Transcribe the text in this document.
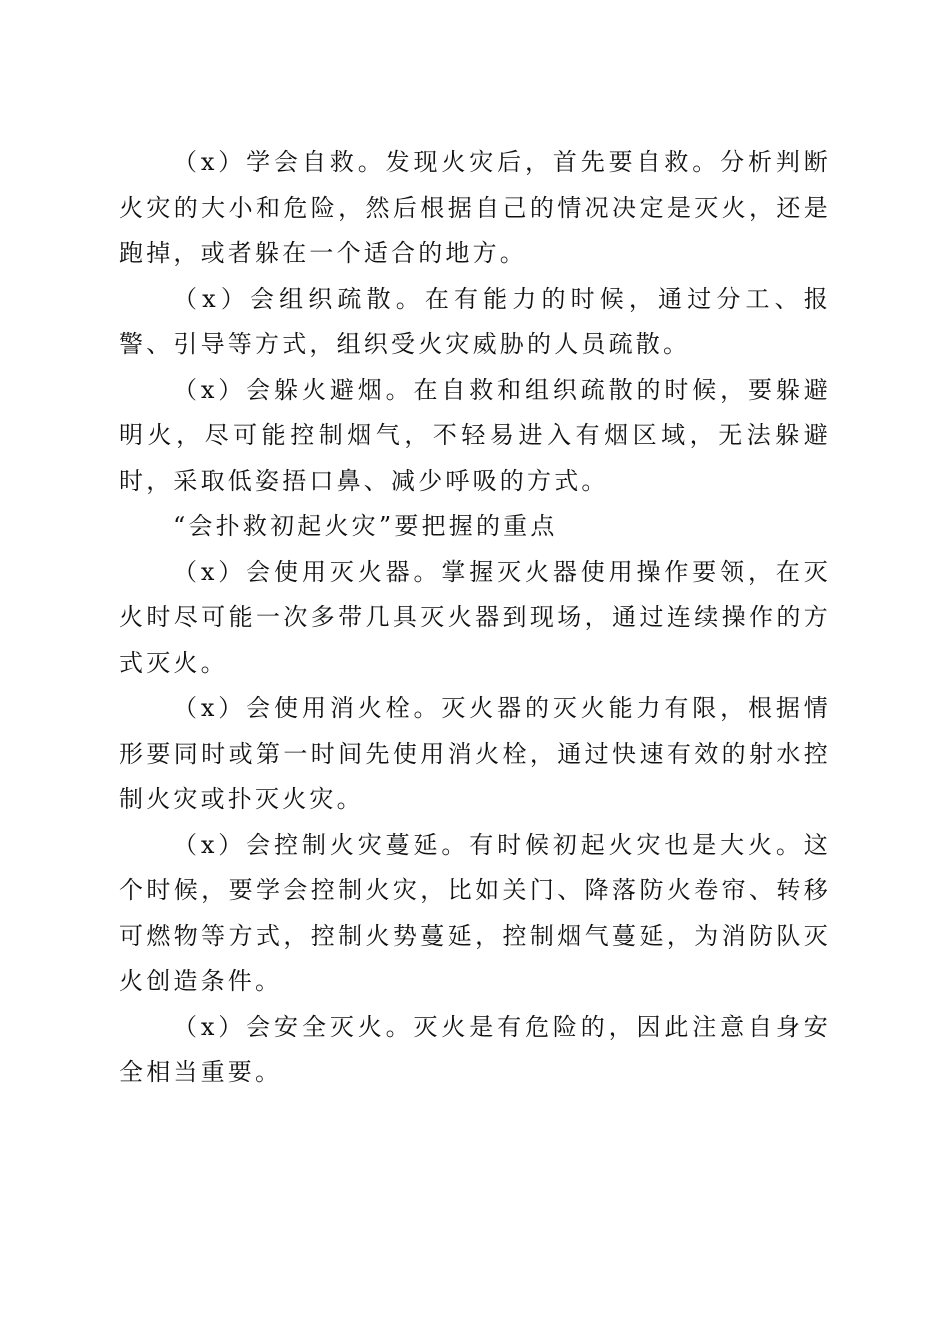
（x）学会自救。发现火灾后，首先要自救。分析判断火灾的大小和危险，然后根据自己的情况决定是灭火，还是跑掉，或者躲在一个适合的地方。

（x）会组织疏散。在有能力的时候，通过分工、报警、引导等方式，组织受火灾威胁的人员疏散。

（x）会躲火避烟。在自救和组织疏散的时候，要躲避明火，尽可能控制烟气，不轻易进入有烟区域，无法躲避时，采取低姿捂口鼻、减少呼吸的方式。

“会扑救初起火灾”要把握的重点

（x）会使用灭火器。掌握灭火器使用操作要领，在灭火时尽可能一次多带几具灭火器到现场，通过连续操作的方式灭火。

（x）会使用消火栓。灭火器的灭火能力有限，根据情形要同时或第一时间先使用消火栓，通过快速有效的射水控制火灾或扑灭火灾。

（x）会控制火灾蔓延。有时候初起火灾也是大火。这个时候，要学会控制火灾，比如关门、降落防火卷帘、转移可燃物等方式，控制火势蔓延，控制烟气蔓延，为消防队灭火创造条件。

（x）会安全灭火。灭火是有危险的，因此注意自身安全相当重要。
